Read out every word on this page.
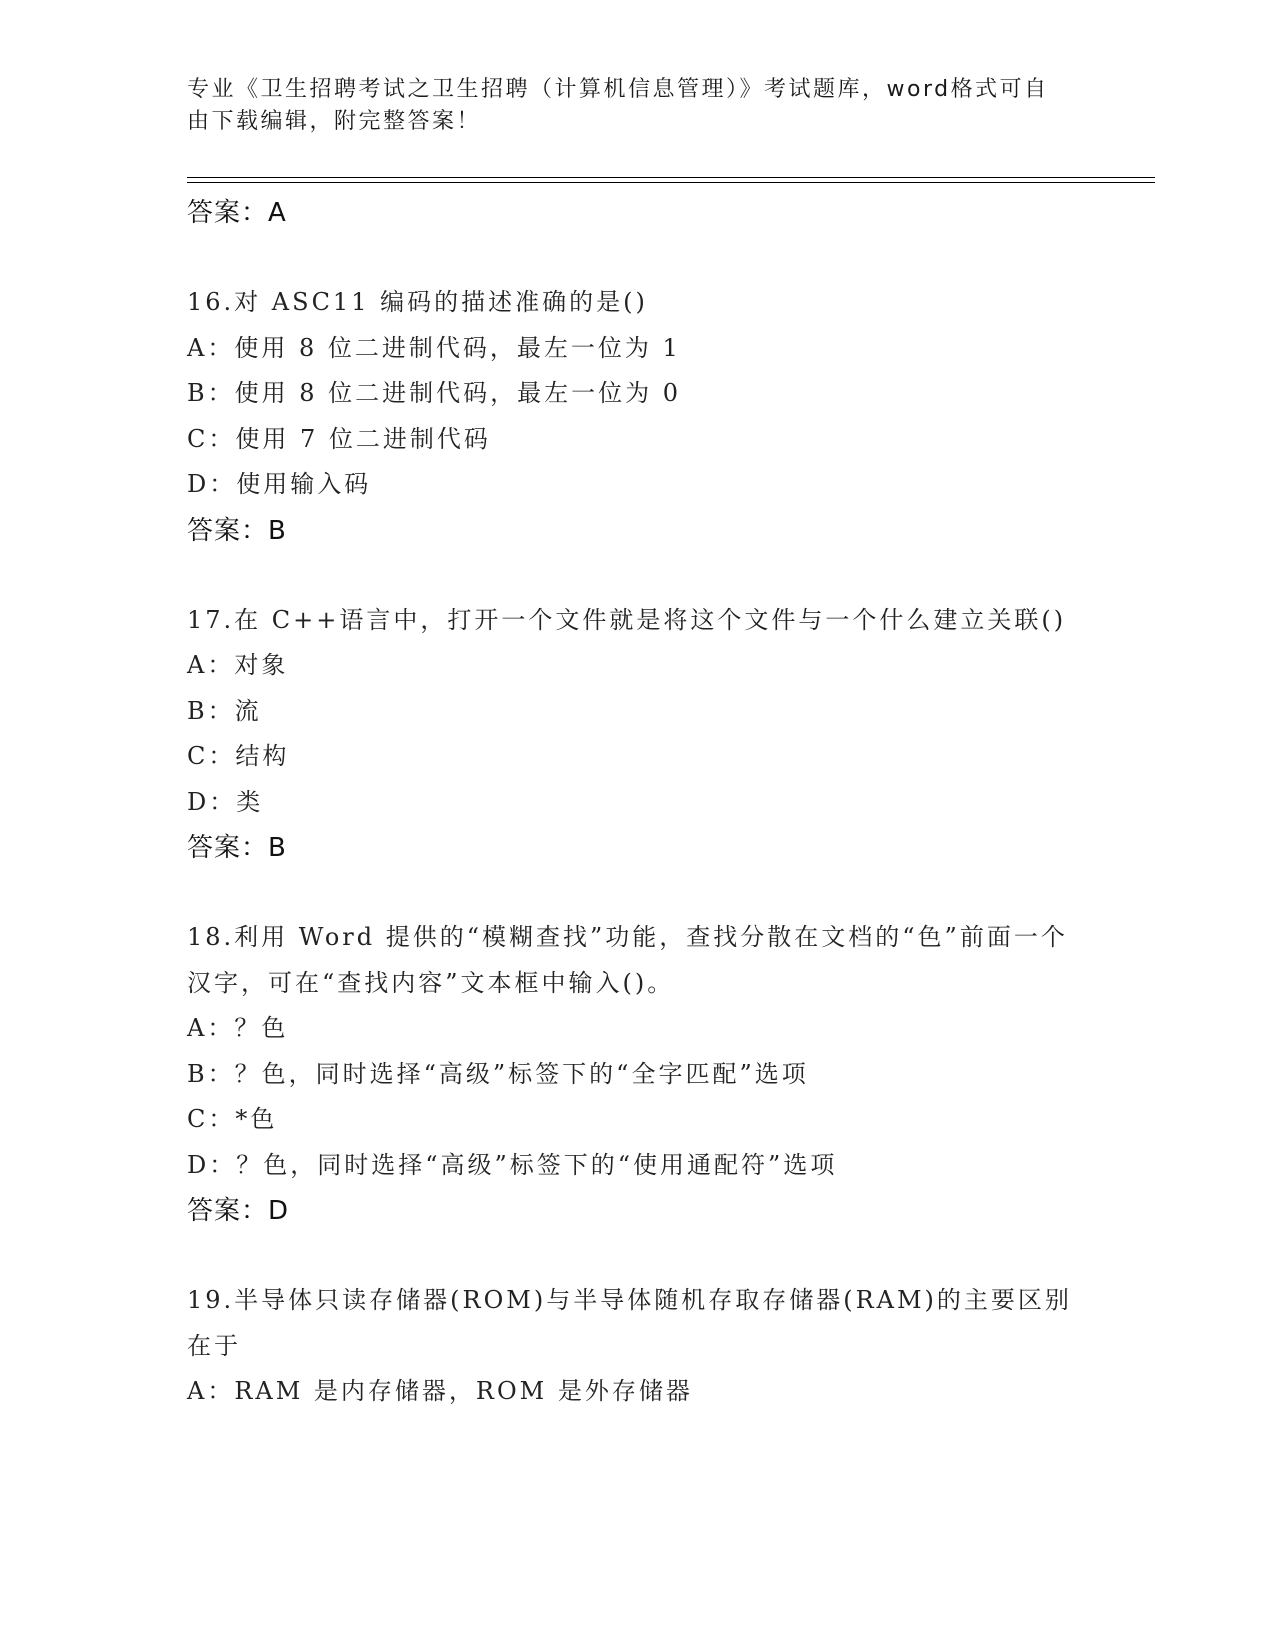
专业《卫生招聘考试之卫生招聘（计算机信息管理）》考试题库，word格式可自
由下载编辑，附完整答案！
答案：A
16.对 ASC11 编码的描述准确的是()
A：使用 8 位二进制代码，最左一位为 1
B：使用 8 位二进制代码，最左一位为 0
C：使用 7 位二进制代码
D：使用输入码
答案：B
17.在 C++语言中，打开一个文件就是将这个文件与一个什么建立关联()
A：对象
B：流
C：结构
D：类
答案：B
18.利用 Word 提供的“模糊查找”功能，查找分散在文档的“色”前面一个汉字，可在“查找内容”文本框中输入()。
A：？色
B：？色，同时选择“高级”标签下的“全字匹配”选项
C：*色
D：？色，同时选择“高级”标签下的“使用通配符”选项
答案：D
19.半导体只读存储器(ROM)与半导体随机存取存储器(RAM)的主要区别在于
A：RAM 是内存储器，ROM 是外存储器
